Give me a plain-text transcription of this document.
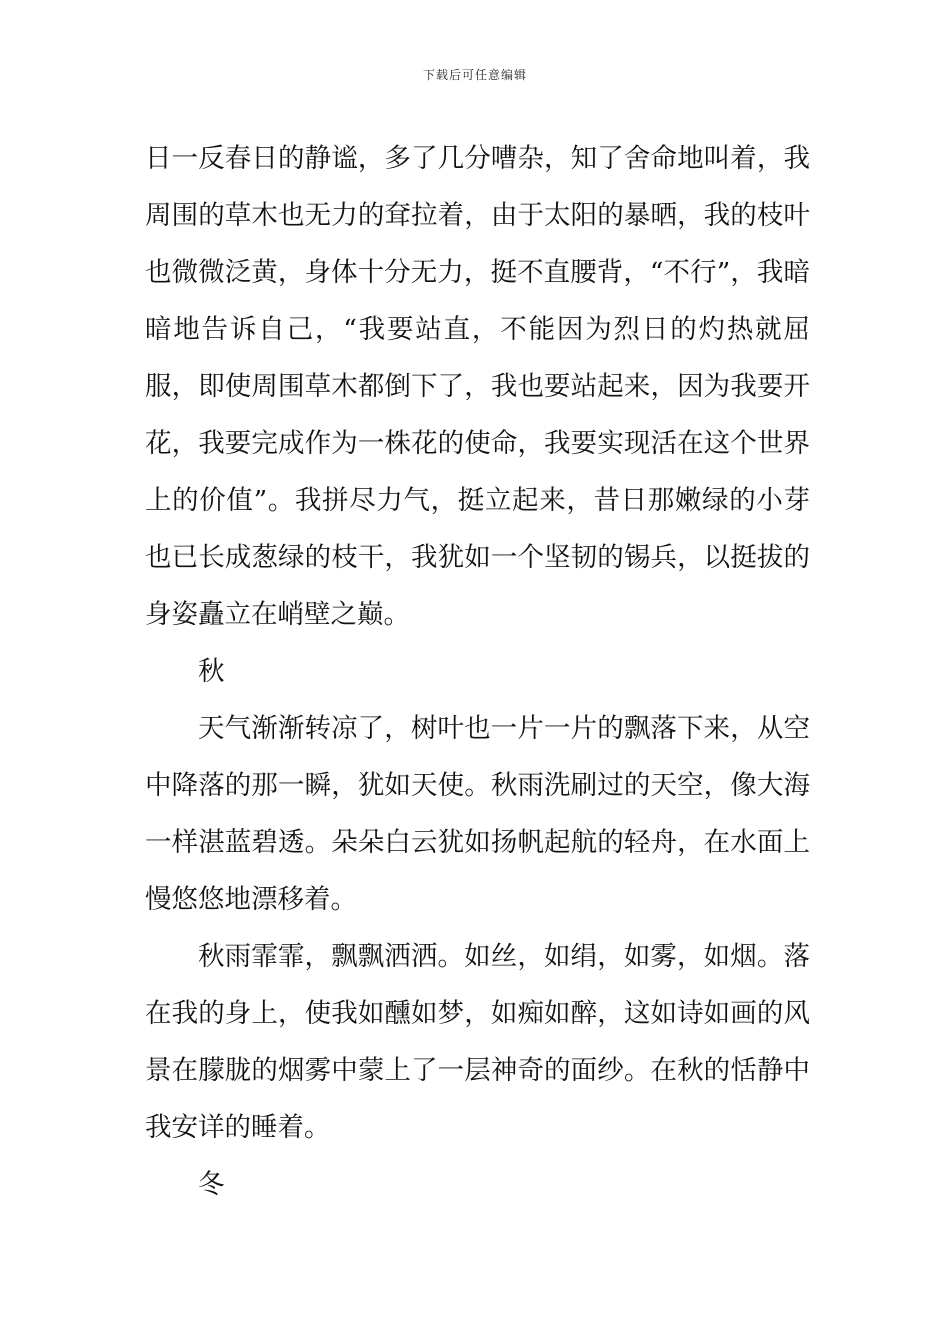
下载后可任意编辑

日一反春日的静谧，多了几分嘈杂，知了舍命地叫着，我周围的草木也无力的耷拉着，由于太阳的暴晒，我的枝叶也微微泛黄，身体十分无力，挺不直腰背，“不行”，我暗暗地告诉自己，“我要站直，不能因为烈日的灼热就屈服，即使周围草木都倒下了，我也要站起来，因为我要开花，我要完成作为一株花的使命，我要实现活在这个世界上的价值”。我拼尽力气，挺立起来，昔日那嫩绿的小芽也已长成葱绿的枝干，我犹如一个坚韧的锡兵，以挺拔的身姿矗立在峭壁之巅。

秋

天气渐渐转凉了，树叶也一片一片的飘落下来，从空中降落的那一瞬，犹如天使。秋雨洗刷过的天空，像大海一样湛蓝碧透。朵朵白云犹如扬帆起航的轻舟，在水面上慢悠悠地漂移着。

秋雨霏霏，飘飘洒洒。如丝，如绢，如雾，如烟。落在我的身上，使我如醺如梦，如痴如醉，这如诗如画的风景在朦胧的烟雾中蒙上了一层神奇的面纱。在秋的恬静中我安详的睡着。

冬
